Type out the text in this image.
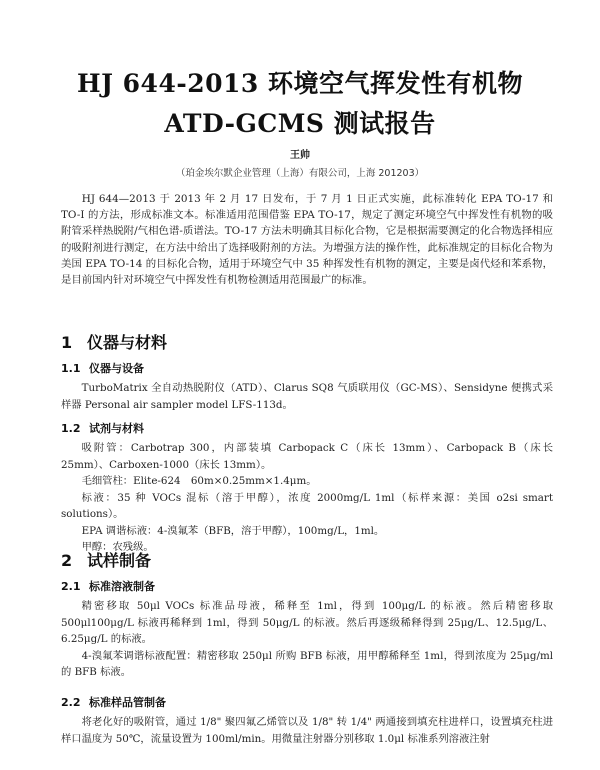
HJ 644-2013 环境空气挥发性有机物
ATD-GCMS 测试报告
王帅
（珀金埃尔默企业管理（上海）有限公司，上海 201203）
HJ 644—2013 于 2013 年 2 月 17 日发布，于 7 月 1 日正式实施，此标准转化 EPA TO-17 和 TO-I 的方法，形成标准文本。标准适用范围借鉴 EPA TO-17，规定了测定环境空气中挥发性有机物的吸附管采样热脱附/气相色谱-质谱法。TO-17 方法未明确其目标化合物，它是根据需要测定的化合物选择相应的吸附剂进行测定，在方法中给出了选择吸附剂的方法。为增强方法的操作性，此标准规定的目标化合物为美国 EPA TO-14 的目标化合物，适用于环境空气中 35 种挥发性有机物的测定，主要是卤代烃和苯系物，是目前国内针对环境空气中挥发性有机物检测适用范围最广的标准。
1 仪器与材料
1.1 仪器与设备
TurboMatrix 全自动热脱附仪（ATD）、Clarus SQ8 气质联用仪（GC-MS）、Sensidyne 便携式采样器 Personal air sampler model LFS-113d。
1.2 试剂与材料
吸附管：Carbotrap 300，内部装填 Carbopack C（床长 13mm）、Carbopack B（床长 25mm）、Carboxen-1000（床长 13mm）。
毛细管柱：Elite-624　60m×0.25mm×1.4μm。
标液：35 种 VOCs 混标（溶于甲醇），浓度 2000mg/L 1ml（标样来源：美国 o2si smart solutions）。
EPA 调谐标液：4-溴氟苯（BFB，溶于甲醇），100mg/L，1ml。
甲醇：农残级。
2 试样制备
2.1 标准溶液制备
精密移取 50μl VOCs 标准品母液，稀释至 1ml，得到 100μg/L 的标液。然后精密移取 500μl100μg/L 标液再稀释到 1ml，得到 50μg/L 的标液。然后再逐级稀释得到 25μg/L、12.5μg/L、6.25μg/L 的标液。
4-溴氟苯调谐标液配置：精密移取 250μl 所购 BFB 标液，用甲醇稀释至 1ml，得到浓度为 25μg/ml 的 BFB 标液。
2.2 标准样品管制备
将老化好的吸附管，通过 1/8" 聚四氟乙烯管以及 1/8" 转 1/4" 两通接到填充柱进样口，设置填充柱进样口温度为 50℃，流量设置为 100ml/min。用微量注射器分别移取 1.0μl 标准系列溶液注射
